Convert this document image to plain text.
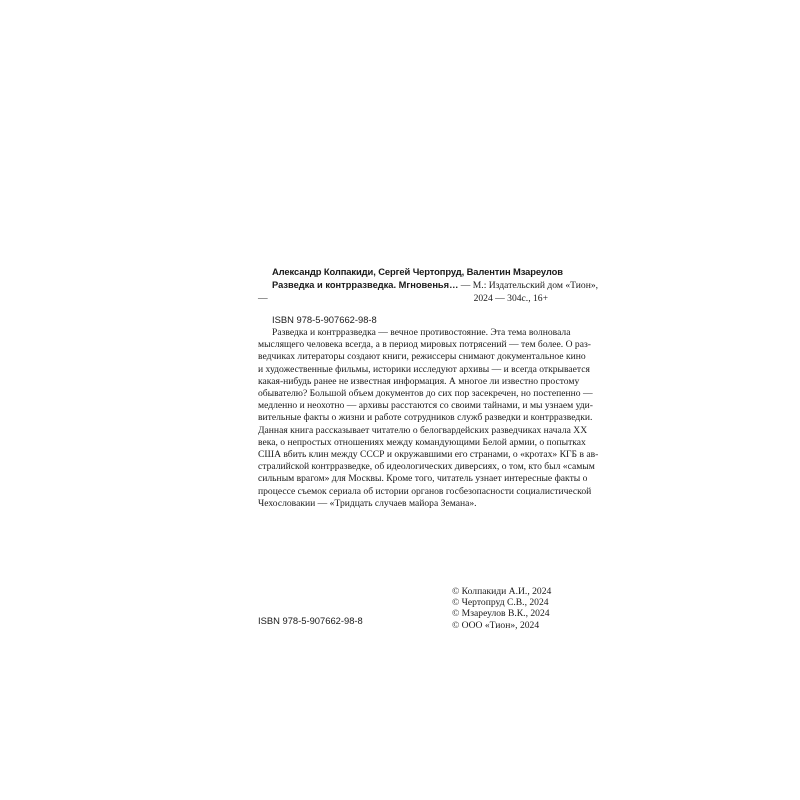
Александр Колпакиди, Сергей Чертопруд, Валентин Мзареулов
Разведка и контрразведка. Мгновенья… — М.: Издательский дом «Тион»,
—	2024 — 304с., 16+
ISBN 978-5-907662-98-8
Разведка и контрразведка — вечное противостояние. Эта тема волновала
мыслящего человека всегда, а в период мировых потрясений — тем более. О раз-
ведчиках литераторы создают книги, режиссеры снимают документальное кино
и художественные фильмы, историки исследуют архивы — и всегда открывается
какая-нибудь ранее не известная информация. А многое ли известно простому
обывателю? Большой объем документов до сих пор засекречен, но постепенно —
медленно и неохотно — архивы расстаются со своими тайнами, и мы узнаем уди-
вительные факты о жизни и работе сотрудников служб разведки и контрразведки.
Данная книга рассказывает читателю о белогвардейских разведчиках начала XX
века, о непростых отношениях между командующими Белой армии, о попытках
США вбить клин между СССР и окружавшими его странами, о «кротах» КГБ в ав-
стралийской контрразведке, об идеологических диверсиях, о том, кто был «самым
сильным врагом» для Москвы. Кроме того, читатель узнает интересные факты о
процессе съемок сериала об истории органов госбезопасности социалистической
Чехословакии — «Тридцать случаев майора Земана».
ISBN 978-5-907662-98-8
© Колпакиди А.И., 2024
© Чертопруд С.В., 2024
© Мзареулов В.К., 2024
© ООО «Тион», 2024
